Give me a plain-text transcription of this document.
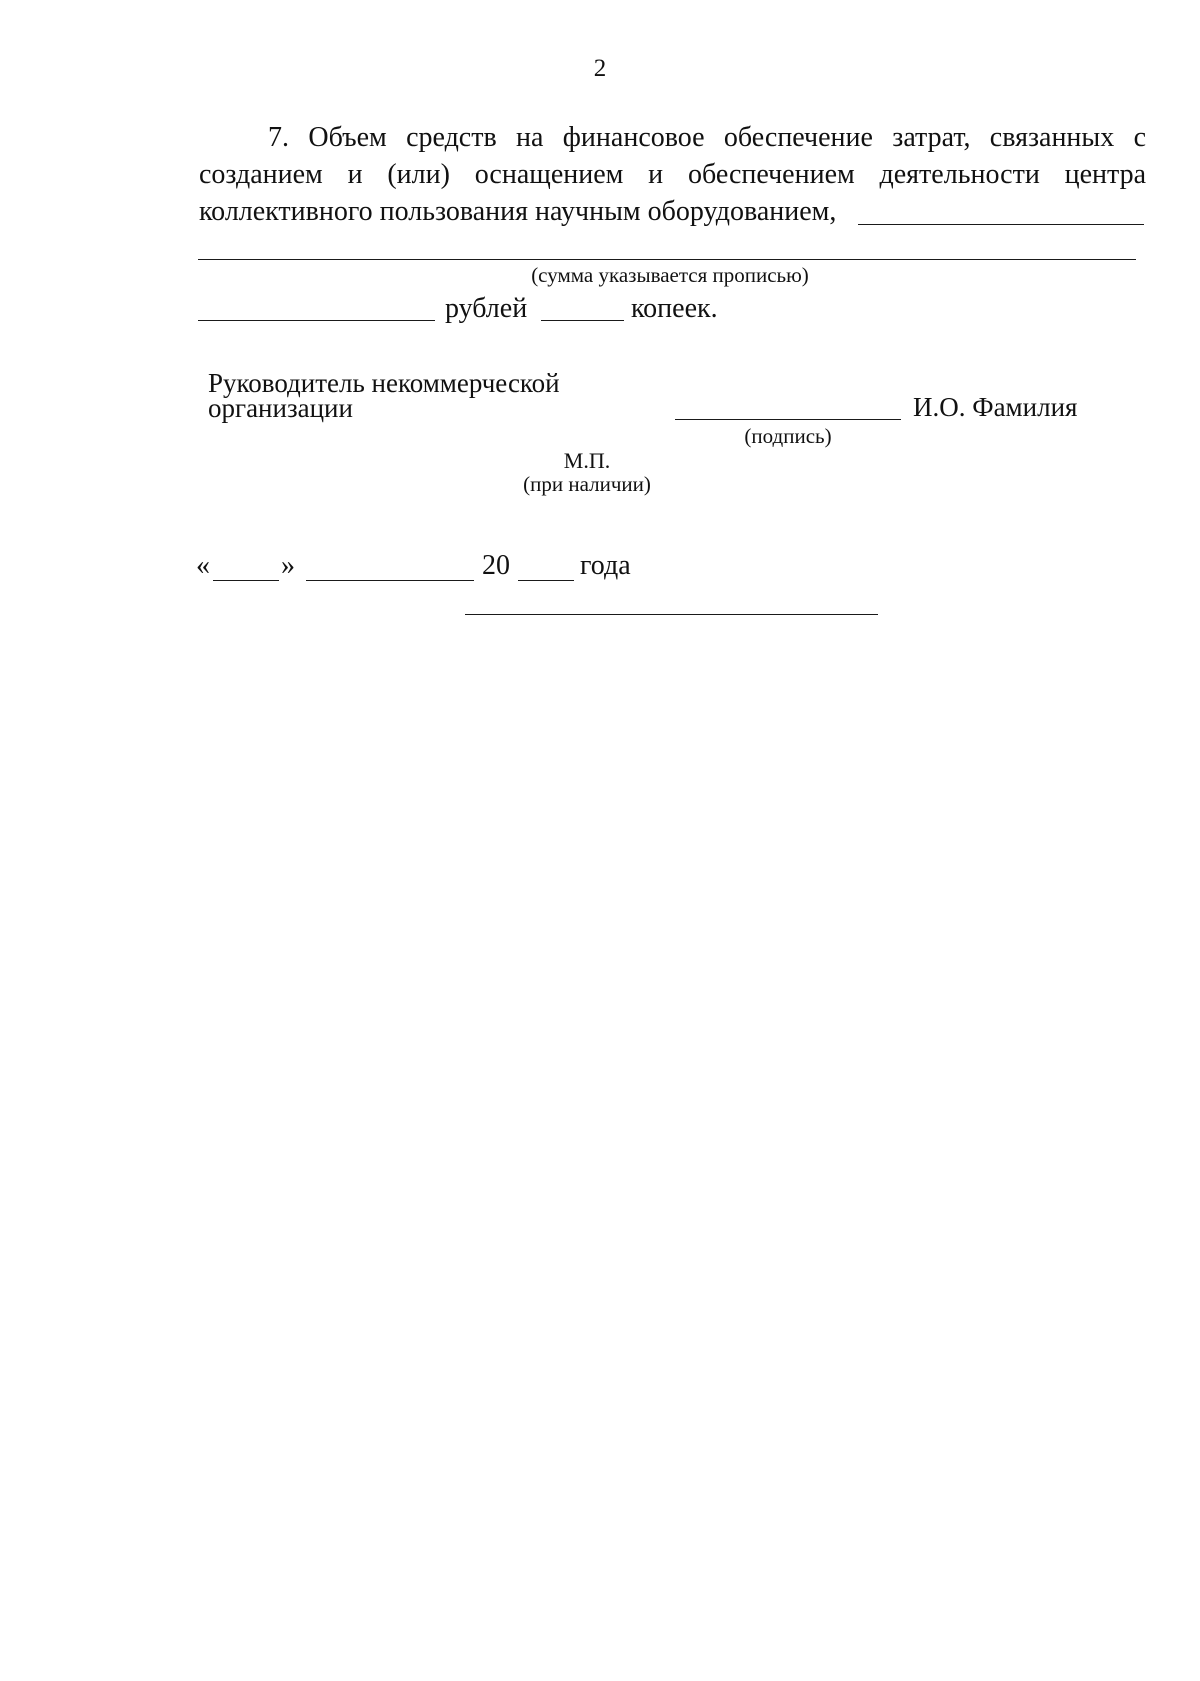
2
7. Объем средств на финансовое обеспечение затрат, связанных с
созданием и (или) оснащением и обеспечением деятельности центра
коллективного пользования научным оборудованием,
(сумма указывается прописью)
рублей	копеек.
Руководитель некоммерческой
организации	И.О. Фамилия
(подпись)
М.П.
(при наличии)
«	»	20	года
